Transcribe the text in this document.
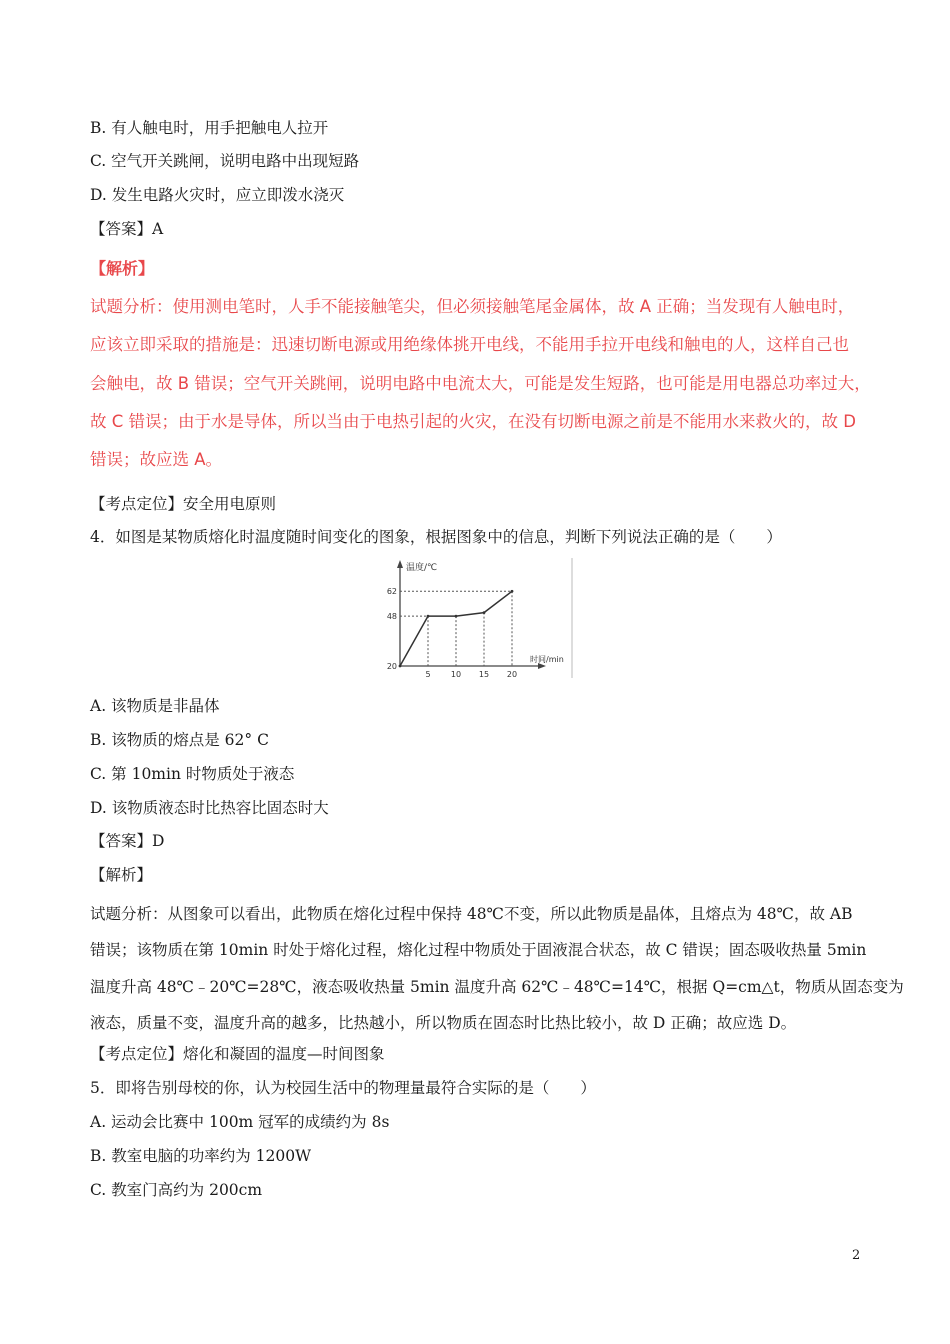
B. 有人触电时，用手把触电人拉开
C. 空气开关跳闸，说明电路中出现短路
D. 发生电路火灾时，应立即泼水浇灭
【答案】A
【解析】
试题分析：使用测电笔时，人手不能接触笔尖，但必须接触笔尾金属体，故 A 正确；当发现有人触电时，
应该立即采取的措施是：迅速切断电源或用绝缘体挑开电线，不能用手拉开电线和触电的人，这样自己也
会触电，故 B 错误；空气开关跳闸，说明电路中电流太大，可能是发生短路，也可能是用电器总功率过大，
故 C 错误；由于水是导体，所以当由于电热引起的火灾，在没有切断电源之前是不能用水来救火的，故 D
错误；故应选 A。
【考点定位】安全用电原则
4．如图是某物质熔化时温度随时间变化的图象，根据图象中的信息，判断下列说法正确的是（　　）
温度/℃
时间/min
5	10 15 20
62
48
20
A. 该物质是非晶体
B. 该物质的熔点是 62° C
C. 第 10min 时物质处于液态
D. 该物质液态时比热容比固态时大
【答案】D
【解析】
试题分析：从图象可以看出，此物质在熔化过程中保持 48℃不变，所以此物质是晶体，且熔点为 48℃，故 AB
错误；该物质在第 10min 时处于熔化过程，熔化过程中物质处于固液混合状态，故 C 错误；固态吸收热量 5min
温度升高 48℃﹣20℃=28℃，液态吸收热量 5min 温度升高 62℃﹣48℃=14℃，根据 Q=cm△t，物质从固态变为
液态，质量不变，温度升高的越多，比热越小，所以物质在固态时比热比较小，故 D 正确；故应选 D。
【考点定位】熔化和凝固的温度—时间图象
5．即将告别母校的你，认为校园生活中的物理量最符合实际的是（　　）
A. 运动会比赛中 100m 冠军的成绩约为 8s
B. 教室电脑的功率约为 1200W
C. 教室门高约为 200cm
2
